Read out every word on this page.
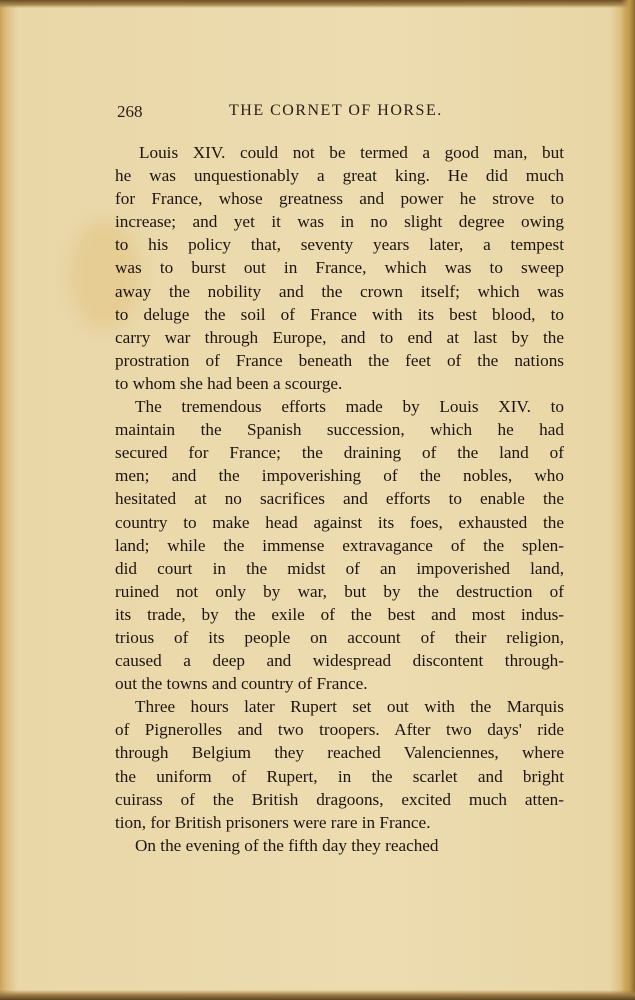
268	THE CORNET OF HORSE.
Louis XIV. could not be termed a good man, but
he was unquestionably a great king. He did much
for France, whose greatness and power he strove to
increase; and yet it was in no slight degree owing
to his policy that, seventy years later, a tempest
was to burst out in France, which was to sweep
away the nobility and the crown itself; which was
to deluge the soil of France with its best blood, to
carry war through Europe, and to end at last by the
prostration of France beneath the feet of the nations
to whom she had been a scourge.
The tremendous efforts made by Louis XIV. to
maintain the Spanish succession, which he had
secured for France; the draining of the land of
men; and the impoverishing of the nobles, who
hesitated at no sacrifices and efforts to enable the
country to make head against its foes, exhausted the
land; while the immense extravagance of the splen-
did court in the midst of an impoverished land,
ruined not only by war, but by the destruction of
its trade, by the exile of the best and most indus-
trious of its people on account of their religion,
caused a deep and widespread discontent through-
out the towns and country of France.
Three hours later Rupert set out with the Marquis
of Pignerolles and two troopers. After two days' ride
through Belgium they reached Valenciennes, where
the uniform of Rupert, in the scarlet and bright
cuirass of the British dragoons, excited much atten-
tion, for British prisoners were rare in France.
On the evening of the fifth day they reached
